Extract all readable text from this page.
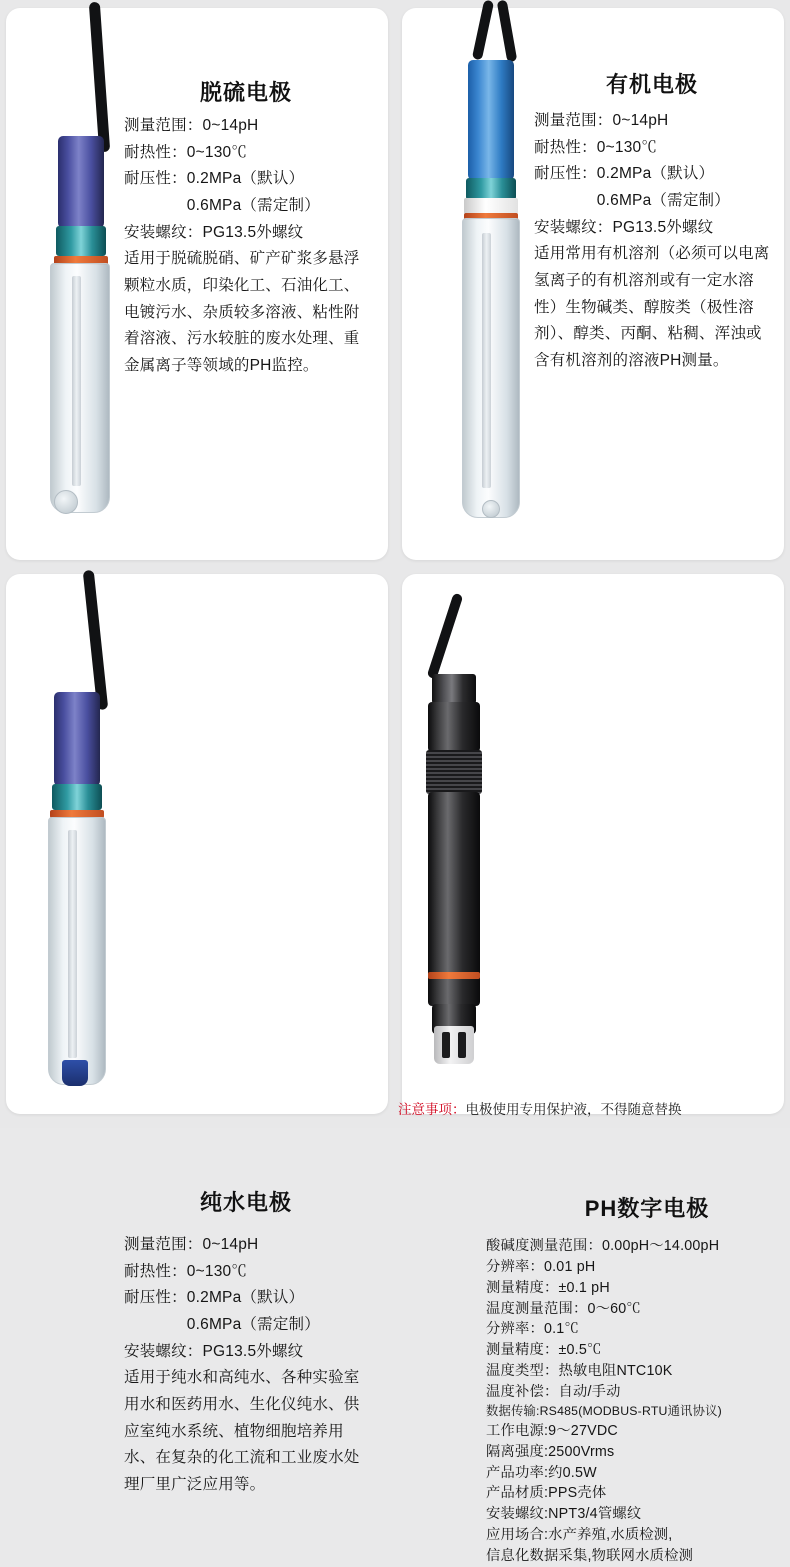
脱硫电极
测量范围：0~14pH
耐热性：0~130℃
耐压性：0.2MPa（默认）
　　　　0.6MPa（需定制）
安装螺纹：PG13.5外螺纹
适用于脱硫脱硝、矿产矿浆多悬浮颗粒水质，印染化工、石油化工、电镀污水、杂质较多溶液、粘性附着溶液、污水较脏的废水处理、重金属离子等领域的PH监控。
有机电极
测量范围：0~14pH
耐热性：0~130℃
耐压性：0.2MPa（默认）
　　　　0.6MPa（需定制）
安装螺纹：PG13.5外螺纹
适用常用有机溶剂（必须可以电离氢离子的有机溶剂或有一定水溶性）生物碱类、醇胺类（极性溶剂）、醇类、丙酮、粘稠、浑浊或含有机溶剂的溶液PH测量。
纯水电极
测量范围：0~14pH
耐热性：0~130℃
耐压性：0.2MPa（默认）
　　　　0.6MPa（需定制）
安装螺纹：PG13.5外螺纹
适用于纯水和高纯水、各种实验室用水和医药用水、生化仪纯水、供应室纯水系统、植物细胞培养用水、在复杂的化工流和工业废水处理厂里广泛应用等。
PH数字电极
酸碱度测量范围：0.00pH～14.00pH
分辨率：0.01 pH
测量精度：±0.1 pH
温度测量范围：0～60℃
分辨率：0.1℃
测量精度：±0.5℃
温度类型：热敏电阻NTC10K
温度补偿：自动/手动
数据传输:RS485(MODBUS-RTU通讯协议)
工作电源:9～27VDC
隔离强度:2500Vrms
产品功率:约0.5W
产品材质:PPS壳体
安装螺纹:NPT3/4管螺纹
应用场合:水产养殖,水质检测,
信息化数据采集,物联网水质检测
注意事项：电极使用专用保护液，不得随意替换
